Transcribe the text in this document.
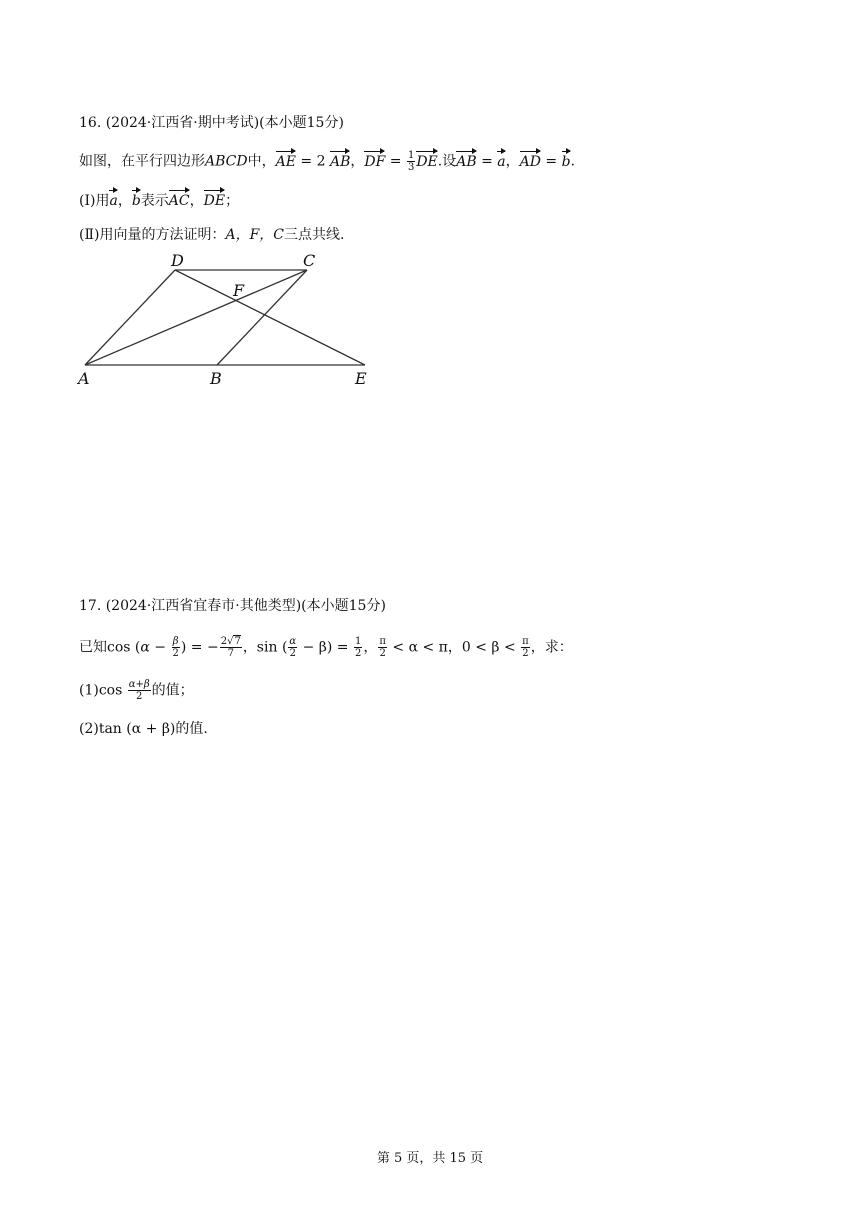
16. (2024·江西省·期中考试)(本小题15分)
如图，在平行四边形ABCD中，AE = 2 AB，DF = $\frac{1}{3}$ DE.设AB = a，AD = b.
(Ⅰ)用a，b表示AC，DE；
(Ⅱ)用向量的方法证明：A，F，C三点共线.
D	C
F
A	B	E
17. (2024·江西省宜春市·其他类型)(本小题15分)
已知$\cos (\alpha - \frac{\beta}{2}$ ) = − $\frac{2√7}{7}$ ，sin ( $\frac{\alpha}{2} - \beta) = \frac{1}{2}$ ， $\frac{\pi}{2} < \alpha < \pi$，$0 < \beta < \frac{\pi}{2}$ ，求：
$(1)\cos \frac{\alpha+\beta}{2}$ 的值；
(2)tan (α + β)的值.
第 5 页，共 15 页
